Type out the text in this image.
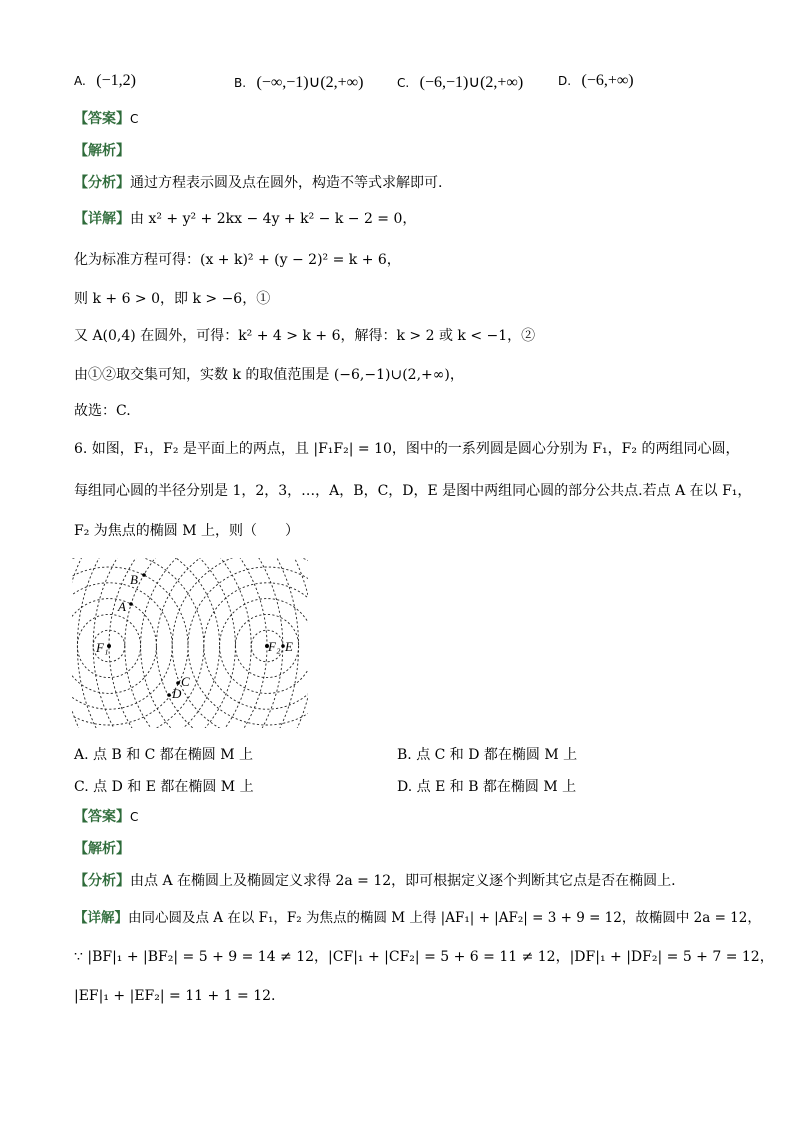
A. (−1,2)	B. (−∞,−1)∪(2,+∞)	C. (−6,−1)∪(2,+∞)	D. (−6,+∞)
【答案】C
【解析】
【分析】通过方程表示圆及点在圆外，构造不等式求解即可.
【详解】由 x² + y² + 2kx − 4y + k² − k − 2 = 0，
化为标准方程可得：(x + k)² + (y − 2)² = k + 6，
则 k + 6 > 0，即 k > −6，①
又 A(0,4) 在圆外，可得：k² + 4 > k + 6，解得：k > 2 或 k < −1，②
由①②取交集可知，实数 k 的取值范围是 (−6,−1)∪(2,+∞)，
故选：C.
6. 如图，F₁，F₂ 是平面上的两点，且 |F₁F₂| = 10，图中的一系列圆是圆心分别为 F₁，F₂ 的两组同心圆，
每组同心圆的半径分别是 1，2，3，…，A，B，C，D，E 是图中两组同心圆的部分公共点.若点 A 在以 F₁，
F₂ 为焦点的椭圆 M 上，则（　　）
B
A
F₁	F₂ E
C
D
A. 点 B 和 C 都在椭圆 M 上	B. 点 C 和 D 都在椭圆 M 上
C. 点 D 和 E 都在椭圆 M 上	D. 点 E 和 B 都在椭圆 M 上
【答案】C
【解析】
【分析】由点 A 在椭圆上及椭圆定义求得 2a = 12，即可根据定义逐个判断其它点是否在椭圆上.
【详解】由同心圆及点 A 在以 F₁，F₂ 为焦点的椭圆 M 上得 |AF₁| + |AF₂| = 3 + 9 = 12，故椭圆中 2a = 12，
∵ |BF|₁ + |BF₂| = 5 + 9 = 14 ≠ 12，|CF|₁ + |CF₂| = 5 + 6 = 11 ≠ 12，|DF|₁ + |DF₂| = 5 + 7 = 12，
|EF|₁ + |EF₂| = 11 + 1 = 12.
